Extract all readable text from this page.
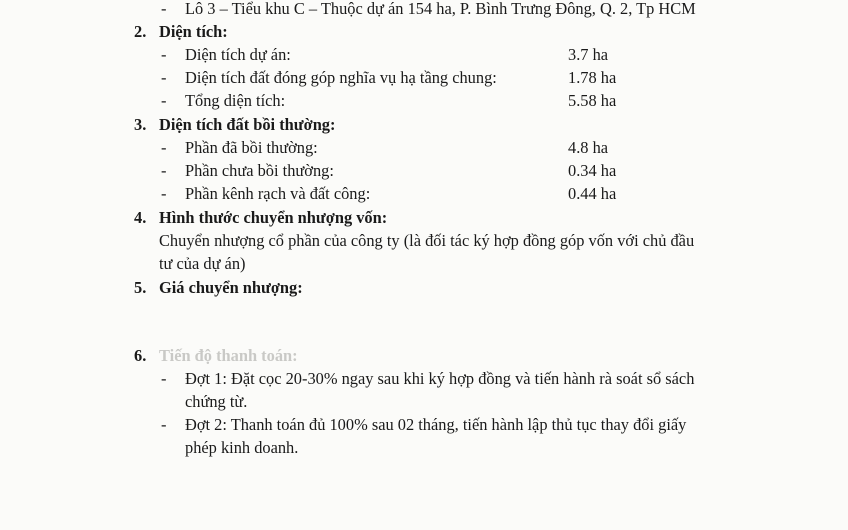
- Lô 3 – Tiểu khu C – Thuộc dự án 154 ha, P. Bình Trưng Đông, Q. 2, Tp HCM
2. Diện tích:
- Diện tích dự án:	3.7 ha
- Diện tích đất đóng góp nghĩa vụ hạ tầng chung:	1.78 ha
- Tổng diện tích:	5.58 ha
3. Diện tích đất bồi thường:
- Phần đã bồi thường:	4.8 ha
- Phần chưa bồi thường:	0.34 ha
- Phần kênh rạch và đất công:	0.44 ha
4. Hình thước chuyển nhượng vốn:
Chuyển nhượng cổ phần của công ty (là đối tác ký hợp đồng góp vốn với chủ đầu
tư của dự án)
5. Giá chuyển nhượng:
6. Tiến độ thanh toán:
- Đợt 1: Đặt cọc 20-30% ngay sau khi ký hợp đồng và tiến hành rà soát sổ sách
chứng từ.
- Đợt 2: Thanh toán đủ 100% sau 02 tháng, tiến hành lập thủ tục thay đổi giấy
phép kinh doanh.
